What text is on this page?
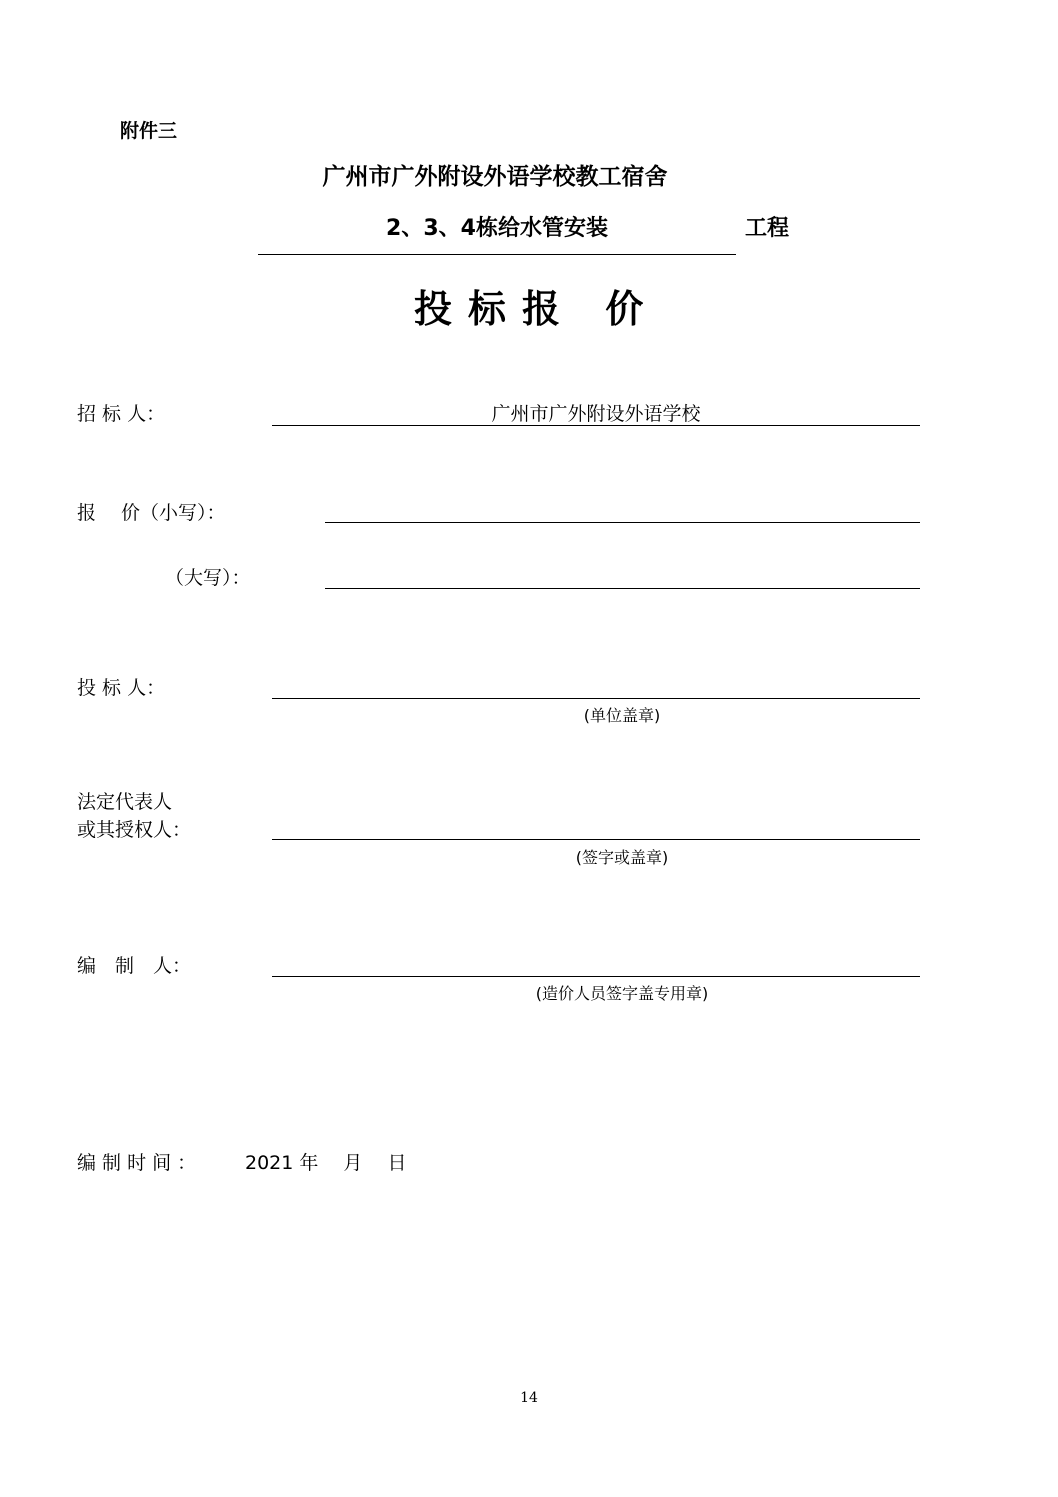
附件三
广州市广外附设外语学校教工宿舍
2、3、4栋给水管安装	工程
投标报 价
招 标 人：	广州市广外附设外语学校
报　 价（小写）：
（大写）：
投 标 人：
(单位盖章)
法定代表人
或其授权人：
(签字或盖章)
编　制　人：
(造价人员签字盖专用章)
编 制 时 间 ：	2021 年　 月　 日
14
